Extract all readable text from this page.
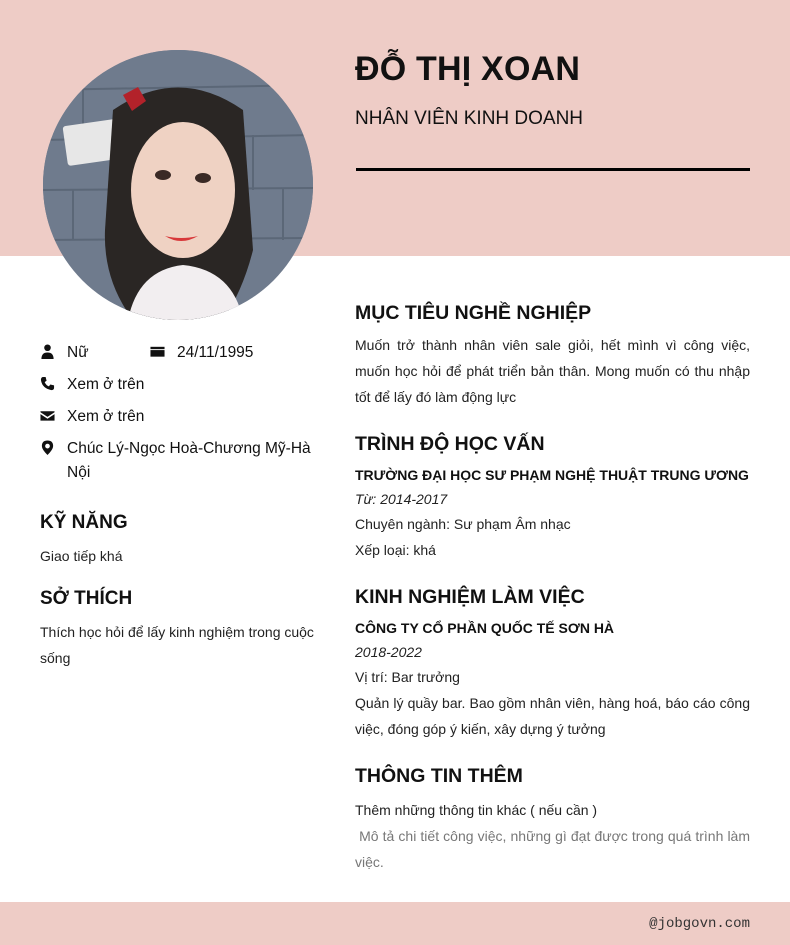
ĐỖ THỊ XOAN
NHÂN VIÊN KINH DOANH
Nữ	24/11/1995
Xem ở trên
Xem ở trên
Chúc Lý-Ngọc Hoà-Chương Mỹ-Hà Nội
KỸ NĂNG
Giao tiếp khá
SỞ THÍCH
Thích học hỏi để lấy kinh nghiệm trong cuộc sống
MỤC TIÊU NGHỀ NGHIỆP
Muốn trở thành nhân viên sale giỏi, hết mình vì công việc, muốn học hỏi để phát triển bản thân. Mong muốn có thu nhập tốt để lấy đó làm động lực
TRÌNH ĐỘ HỌC VẤN
TRƯỜNG ĐẠI HỌC SƯ PHẠM NGHỆ THUẬT TRUNG ƯƠNG
Từ: 2014-2017
Chuyên ngành: Sư phạm Âm nhạc
Xếp loại: khá
KINH NGHIỆM LÀM VIỆC
CÔNG TY CỔ PHẦN QUỐC TẾ SƠN HÀ
2018-2022
Vị trí: Bar trưởng
Quản lý quầy bar. Bao gồm nhân viên, hàng hoá, báo cáo công việc, đóng góp ý kiến, xây dựng ý tưởng
THÔNG TIN THÊM
Thêm những thông tin khác ( nếu cần )
Mô tả chi tiết công việc, những gì đạt được trong quá trình làm việc.
@jobgovn.com
